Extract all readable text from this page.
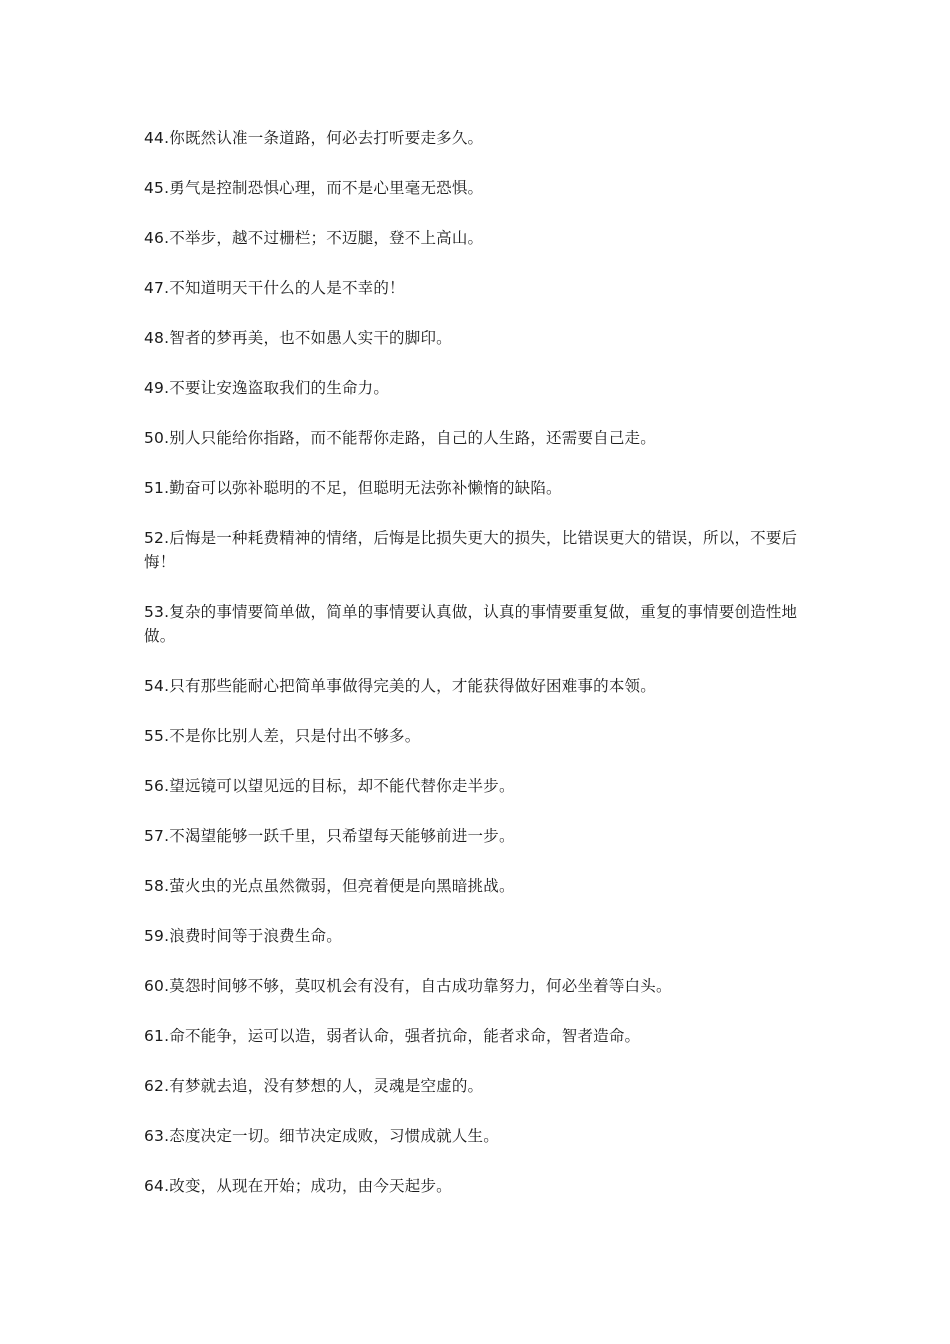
44.你既然认准一条道路，何必去打听要走多久。

45.勇气是控制恐惧心理，而不是心里毫无恐惧。

46.不举步，越不过栅栏；不迈腿，登不上高山。

47.不知道明天干什么的人是不幸的！

48.智者的梦再美，也不如愚人实干的脚印。

49.不要让安逸盗取我们的生命力。

50.别人只能给你指路，而不能帮你走路，自己的人生路，还需要自己走。

51.勤奋可以弥补聪明的不足，但聪明无法弥补懒惰的缺陷。

52.后悔是一种耗费精神的情绪，后悔是比损失更大的损失，比错误更大的错误，所以，不要后悔！

53.复杂的事情要简单做，简单的事情要认真做，认真的事情要重复做，重复的事情要创造性地做。

54.只有那些能耐心把简单事做得完美的人，才能获得做好困难事的本领。

55.不是你比别人差，只是付出不够多。

56.望远镜可以望见远的目标，却不能代替你走半步。

57.不渴望能够一跃千里，只希望每天能够前进一步。

58.萤火虫的光点虽然微弱，但亮着便是向黑暗挑战。

59.浪费时间等于浪费生命。

60.莫怨时间够不够，莫叹机会有没有，自古成功靠努力，何必坐着等白头。

61.命不能争，运可以造，弱者认命，强者抗命，能者求命，智者造命。

62.有梦就去追，没有梦想的人，灵魂是空虚的。

63.态度决定一切。细节决定成败，习惯成就人生。

64.改变，从现在开始；成功，由今天起步。
